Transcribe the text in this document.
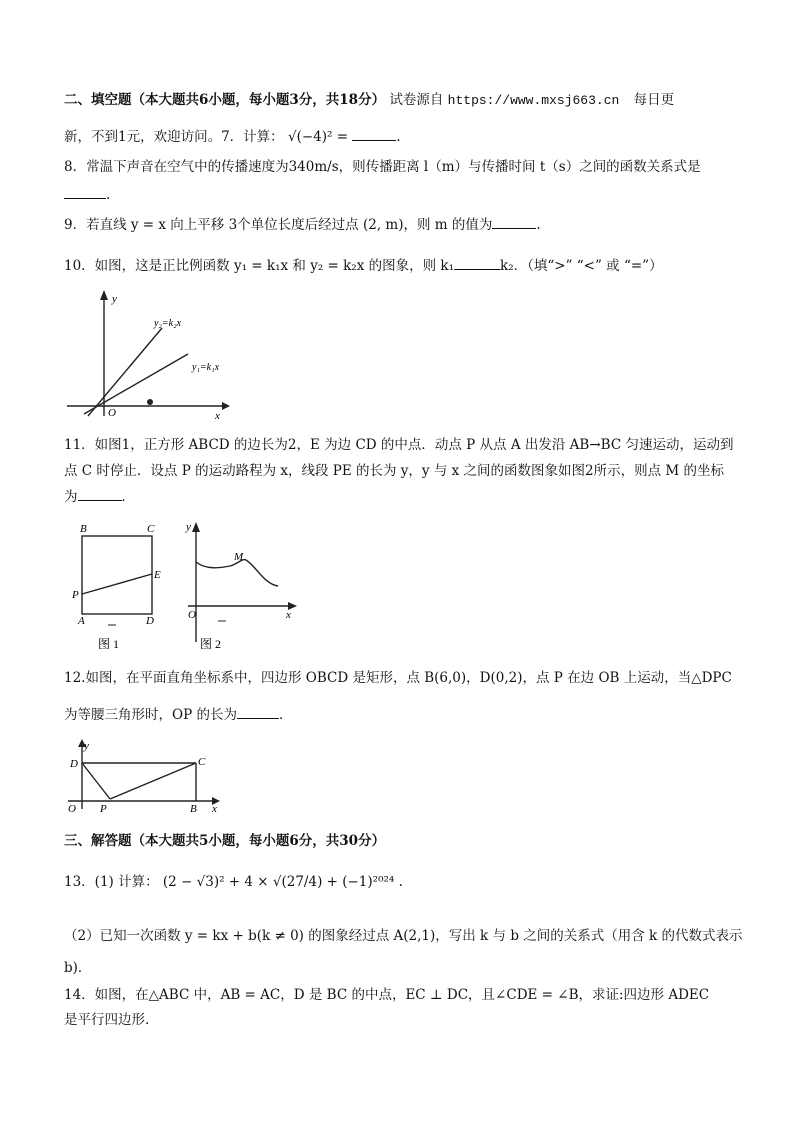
二、填空题（本大题共6小题，每小题3分，共18分） 试卷源自 https://www.mxsj663.cn 每日更
新，不到1元，欢迎访问。7．计算： √(−4)² =	.
8．常温下声音在空气中的传播速度为340m/s，则传播距离 l（m）与传播时间 t（s）之间的函数关系式是
.
9．若直线 y = x 向上平移 3个单位长度后经过点 (2, m)，则 m 的值为	.
10．如图，这是正比例函数 y₁ = k₁x 和 y₂ = k₂x 的图象，则 k₁	k₂．（填“>” “<” 或 “=”）
y
x
O
y₂=k₂x
y₁=k₁x
11．如图1，正方形 ABCD 的边长为2，E 为边 CD 的中点．动点 P 从点 A 出发沿 AB→BC 匀速运动，运动到
点 C 时停止．设点 P 的运动路程为 x，线段 PE 的长为 y，y 与 x 之间的函数图象如图2所示，则点 M 的坐标
为	．
B	C
E
P
A	D
图 1
y
M
O	x
图 2
12.如图，在平面直角坐标系中，四边形 OBCD 是矩形，点 B(6,0)，D(0,2)，点 P 在边 OB 上运动，当△DPC
为等腰三角形时，OP 的长为	．
y
D	C
O P	B x
三、解答题（本大题共5小题，每小题6分，共30分）
13．(1) 计算： (2 − √3)² + 4 × √(27/4) + (−1)²⁰²⁴ .
（2）已知一次函数 y = kx + b(k ≠ 0) 的图象经过点 A(2,1)，写出 k 与 b 之间的关系式（用含 k 的代数式表示
b)．
14．如图，在△ABC 中，AB = AC，D 是 BC 的中点，EC ⊥ DC，且∠CDE = ∠B，求证:四边形 ADEC
是平行四边形.
